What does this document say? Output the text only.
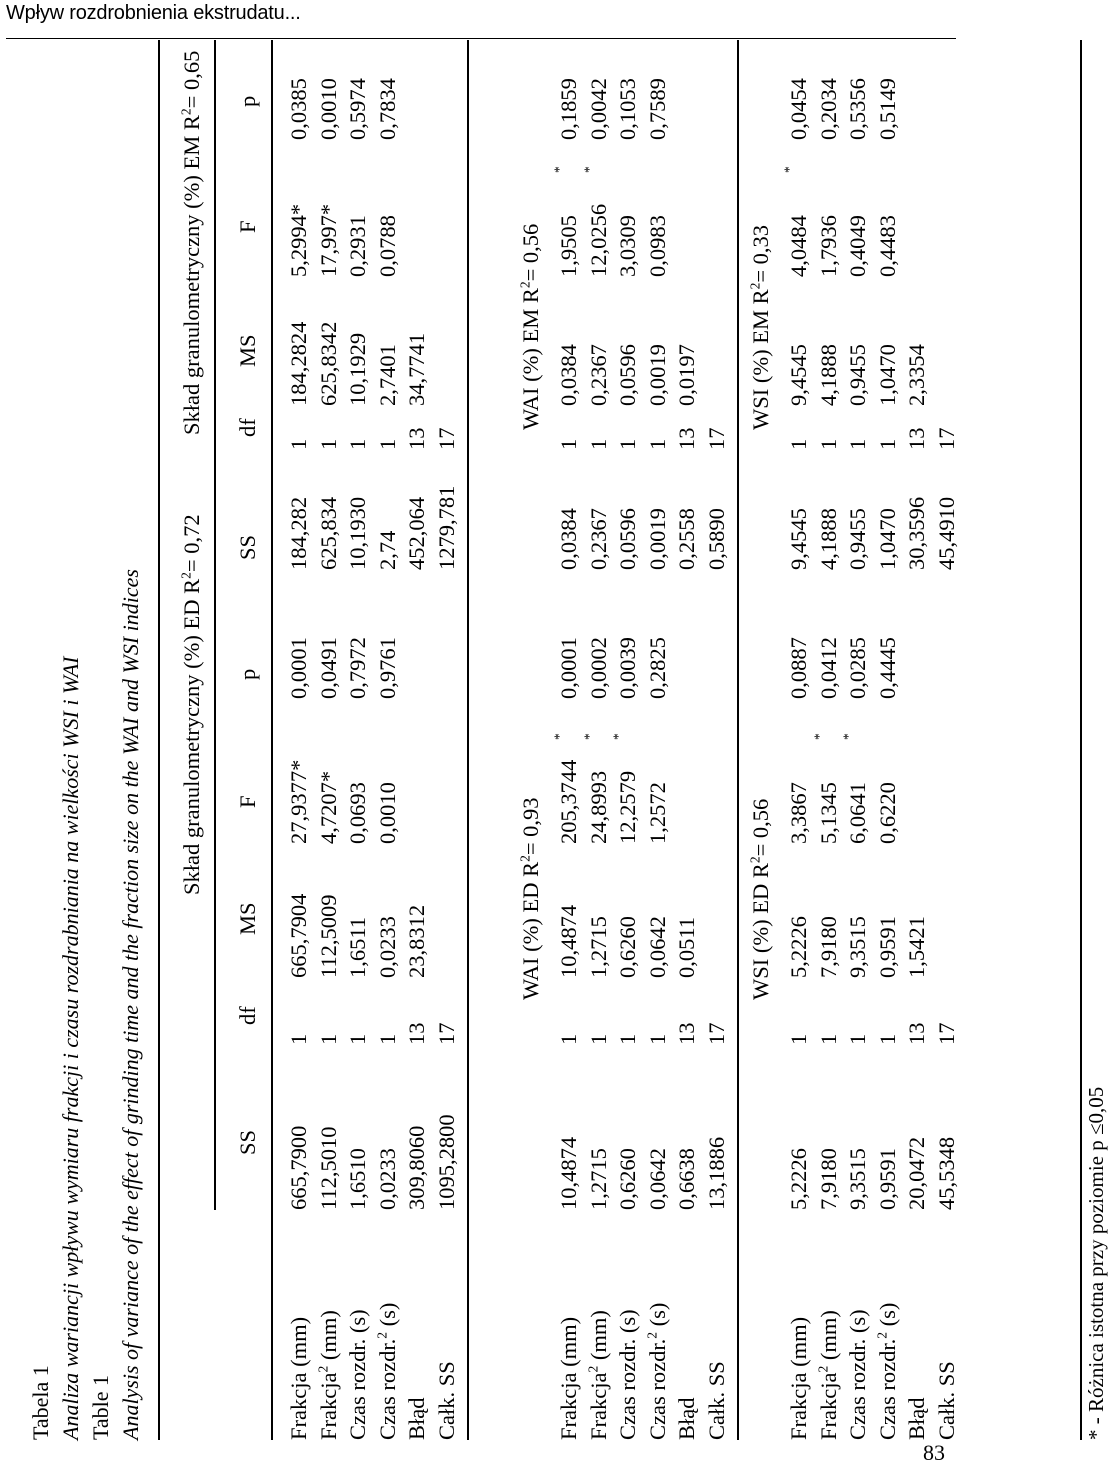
Wpływ rozdrobnienia ekstrudatu...
83
Tabela 1 Analiza wariancji wpływu wymiaru frakcji i czasu rozdrabniania na wielkości WSI i WAI Table 1 Analysis of variance of the effect of grinding time and the fraction size on the WAI and WSI indices Skład granulometryczny (%) ED $R^2= 0,72$
Skład granulometryczny (%) EM $R^2= 0,65$
SS
df
MS
F
p
SS
df
MS
F
p
Frakcja (mm)
665,7900
1
665,7904
27,9377*
0,0001
184,282
1
184,2824
5,2994*
0,0385
Frakcja$^2$ (mm)
112,5010
1
112,5009
4,7207*
0,0491
625,834
1
625,8342
17,997*
0,0010
Czas rozdr. (s)
1,6510
1
1,6511
0,0693
0,7972
10,1930
1
10,1929
0,2931
0,5974
Czas rozdr.$^2$ (s)
0,0233
1
0,0233
0,0010
0,9761
2,74
1
2,7401
0,0788
0,7834
Błąd
309,8060
13
23,8312
452,064
13
34,7741
Całk. SS
1095,2800
17
1279,781
17
Frakcja (mm)
10,4874
1
10,4874
205,3744
*
0,0001
0,0384
1
0,0384
1,9505
*
0,1859
Frakcja$^2$ (mm)
1,2715
1
1,2715
24,8993
*
0,0002
0,2367
1
0,2367
12,0256
*
0,0042
Czas rozdr. (s)
0,6260
1
0,6260
12,2579
*
0,0039
0,0596
1
0,0596
3,0309
0,1053
Czas rozdr.$^2$ (s)
0,0642
1
0,0642
1,2572
0,2825
0,0019
1
0,0019
0,0983
0,7589
Błąd
0,6638
13
0,0511
0,2558
13
0,0197
Całk. SS
13,1886
17
0,5890
17
Frakcja (mm)
5,2226
1
5,2226
3,3867
0,0887
9,4545
1
9,4545
4,0484
*
0,0454
Frakcja$^2$ (mm)
7,9180
1
7,9180
5,1345
*
0,0412
4,1888
1
4,1888
1,7936
0,2034
Czas rozdr. (s)
9,3515
1
9,3515
6,0641
*
0,0285
0,9455
1
0,9455
0,4049
0,5356
Czas rozdr.$^2$ (s)
0,9591
1
0,9591
0,6220
0,4445
1,0470
1
1,0470
0,4483
0,5149
Błąd
20,0472
13
1,5421
30,3596
13
2,3354
Całk. SS
45,5348
17
45,4910
17
* - Różnica istotna przy poziomie p ≤0,05
WAI (%) ED $R^2= 0,93$
WAI (%) EM $R^2= 0,56$
WSI (%) ED $R^2= 0,56$
WSI (%) EM $R^2= 0,33$
